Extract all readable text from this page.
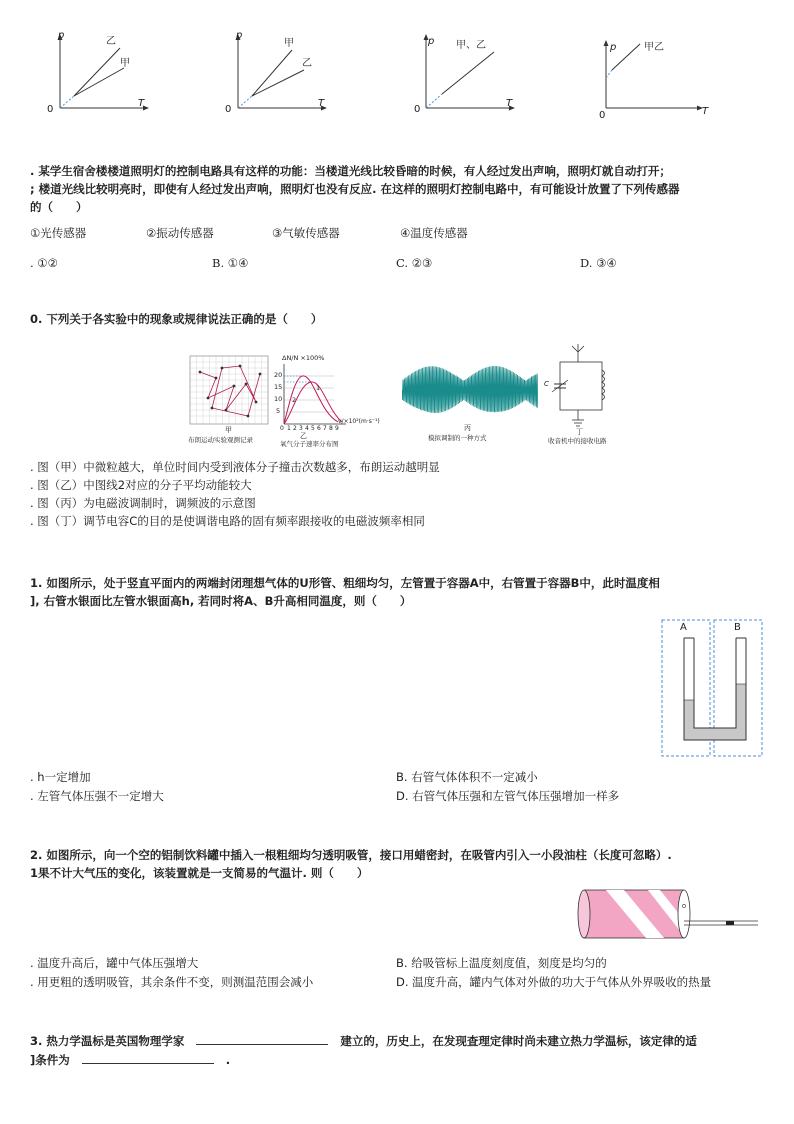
p
T
0
乙
甲
p
T
0
甲
乙
p
T
0
甲、乙	p
T
0
甲乙
. 某学生宿舍楼楼道照明灯的控制电路具有这样的功能：当楼道光线比较昏暗的时候，有人经过发出声响，照明灯就自动打开；
; 楼道光线比较明亮时，即使有人经过发出声响，照明灯也没有反应. 在这样的照明灯控制电路中，有可能设计放置了下列传感器
的（　　）
①光传感器	②振动传感器	③气敏传感器	④温度传感器
. ①②	B. ①④	C. ②③	D. ③④
0. 下列关于各实验中的现象或规律说法正确的是（　　）
甲
布朗运动实验观测记录
ΔN/N ×100%
20
15
10
5
1
2
0 1 2 3 4 5 6 7 8 9
v/×10²(m·s⁻¹)
乙
氧气分子速率分布图
丙
模拟调制的一种方式
C
丁
收音机中的接收电路
. 图（甲）中微粒越大，单位时间内受到液体分子撞击次数越多，布朗运动越明显
. 图（乙）中图线2对应的分子平均动能较大
. 图（丙）为电磁波调制时，调频波的示意图
. 图（丁）调节电容C的目的是使调谐电路的固有频率跟接收的电磁波频率相同
1. 如图所示，处于竖直平面内的两端封闭理想气体的U形管、粗细均匀，左管置于容器A中，右管置于容器B中，此时温度相
], 右管水银面比左管水银面高h, 若同时将A、B升高相同温度，则（　　）
A	B
. h一定增加	B. 右管气体体积不一定减小
. 左管气体压强不一定增大	D. 右管气体压强和左管气体压强增加一样多
2. 如图所示，向一个空的铝制饮料罐中插入一根粗细均匀透明吸管，接口用蜡密封，在吸管内引入一小段油柱（长度可忽略）.
1果不计大气压的变化，该装置就是一支简易的气温计. 则（　　）
. 温度升高后，罐中气体压强增大	B. 给吸管标上温度刻度值，刻度是均匀的
. 用更粗的透明吸管，其余条件不变，则测温范围会减小	D. 温度升高，罐内气体对外做的功大于气体从外界吸收的热量
3. 热力学温标是英国物理学家	建立的，历史上，在发现查理定律时尚未建立热力学温标，该定律的适
]条件为	.
